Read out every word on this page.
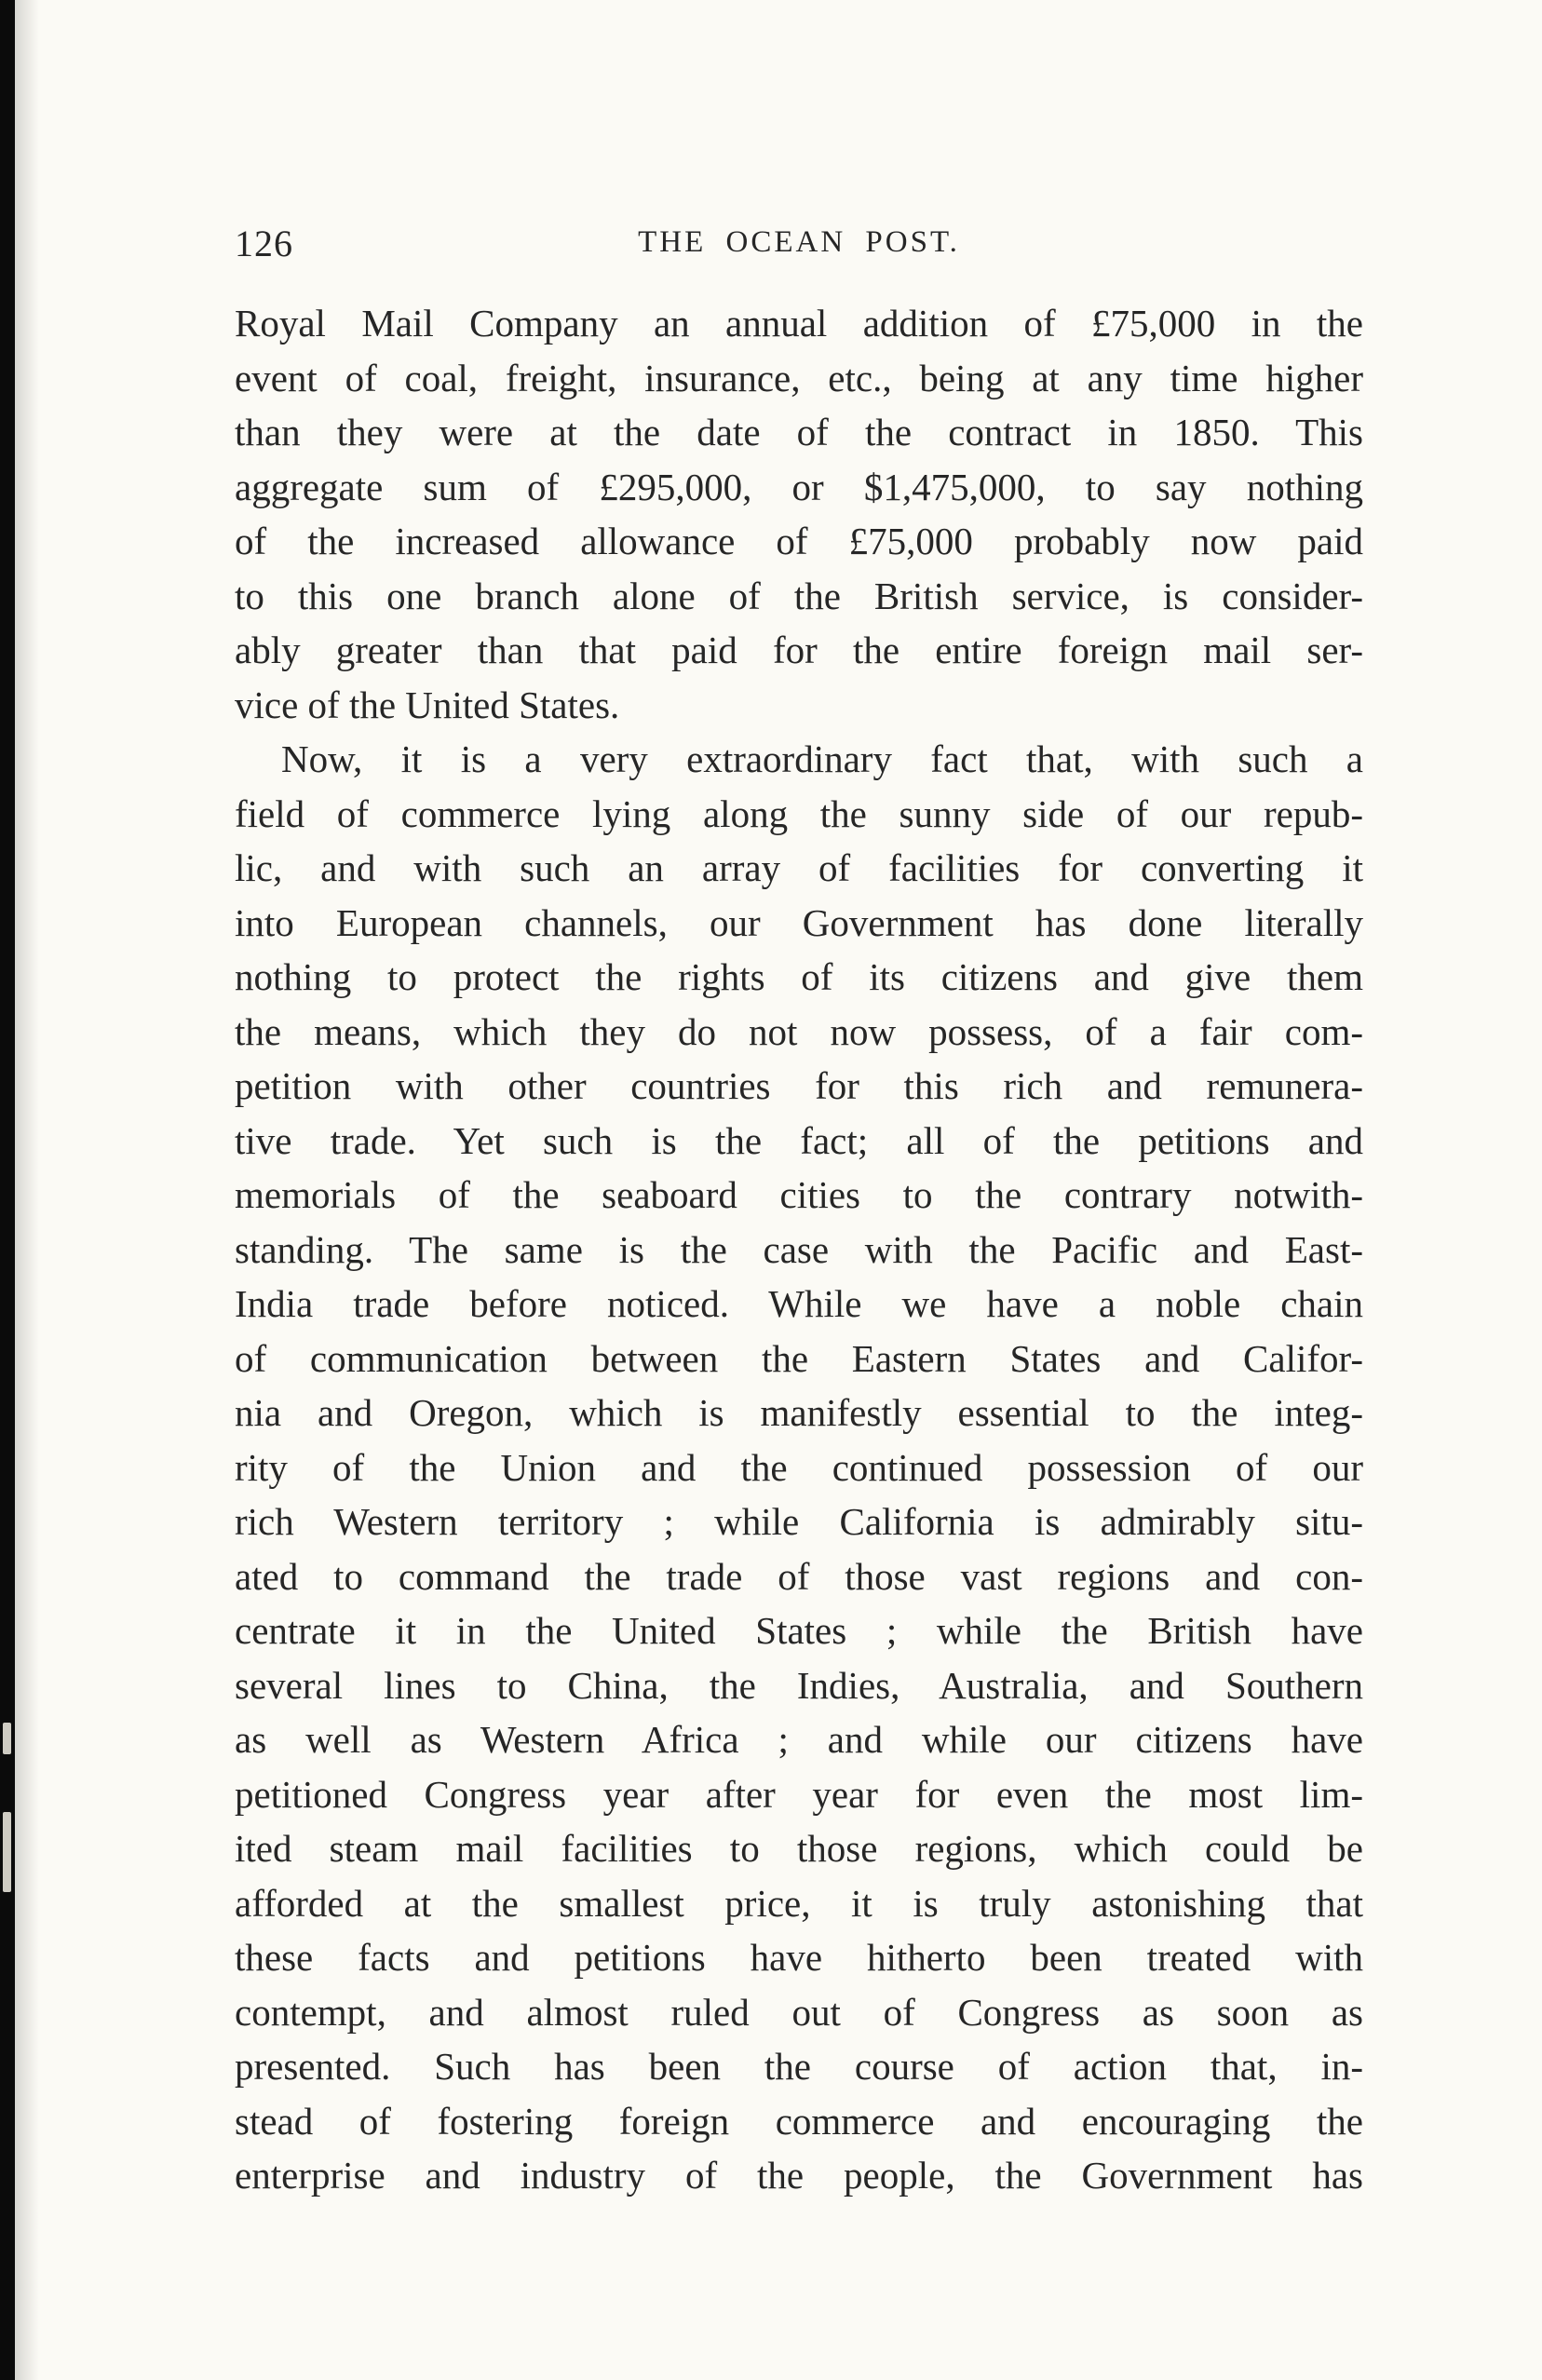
126	THE OCEAN POST.
Royal Mail Company an annual addition of £75,000 in the
event of coal, freight, insurance, etc., being at any time higher
than they were at the date of the contract in 1850. This
aggregate sum of £295,000, or $1,475,000, to say nothing
of the increased allowance of £75,000 probably now paid
to this one branch alone of the British service, is consider-
ably greater than that paid for the entire foreign mail ser-
vice of the United States.
Now, it is a very extraordinary fact that, with such a
field of commerce lying along the sunny side of our repub-
lic, and with such an array of facilities for converting it
into European channels, our Government has done literally
nothing to protect the rights of its citizens and give them
the means, which they do not now possess, of a fair com-
petition with other countries for this rich and remunera-
tive trade. Yet such is the fact; all of the petitions and
memorials of the seaboard cities to the contrary notwith-
standing. The same is the case with the Pacific and East-
India trade before noticed. While we have a noble chain
of communication between the Eastern States and Califor-
nia and Oregon, which is manifestly essential to the integ-
rity of the Union and the continued possession of our
rich Western territory ; while California is admirably situ-
ated to command the trade of those vast regions and con-
centrate it in the United States ; while the British have
several lines to China, the Indies, Australia, and Southern
as well as Western Africa ; and while our citizens have
petitioned Congress year after year for even the most lim-
ited steam mail facilities to those regions, which could be
afforded at the smallest price, it is truly astonishing that
these facts and petitions have hitherto been treated with
contempt, and almost ruled out of Congress as soon as
presented. Such has been the course of action that, in-
stead of fostering foreign commerce and encouraging the
enterprise and industry of the people, the Government has
